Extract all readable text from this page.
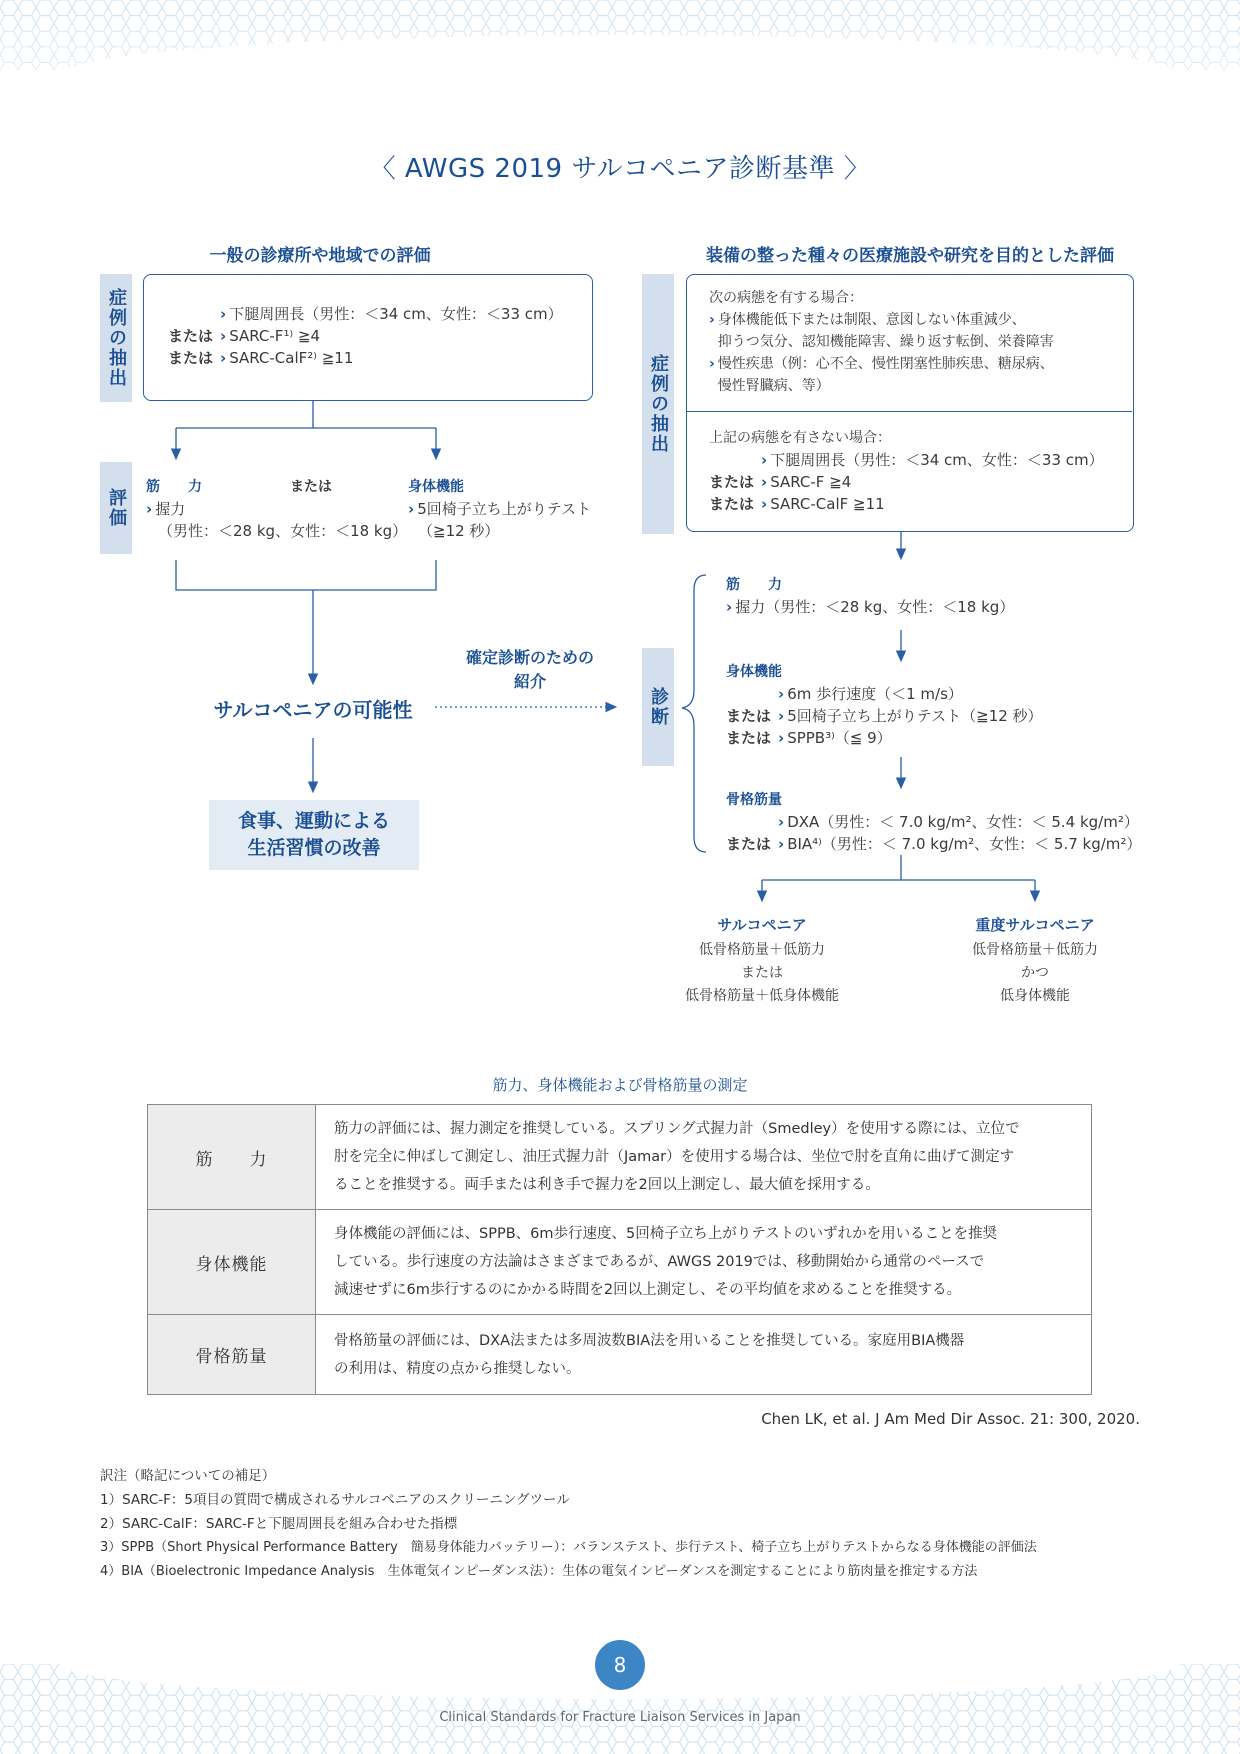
〈 AWGS 2019 サルコペニア診断基準 〉
一般の診療所や地域での評価
症例の抽出	› 下腿周囲長（男性：＜34 cm、女性：＜33 cm）
または › SARC-F¹⁾ ≧4
または › SARC-CalF²⁾ ≧11
評価
筋　　力	または	身体機能
› 握力
（男性：＜28 kg、女性：＜18 kg）
› 5回椅子立ち上がりテスト
（≧12 秒）
サルコペニアの可能性
食事、運動による
生活習慣の改善
確定診断のための
紹介
装備の整った種々の医療施設や研究を目的とした評価
症例の抽出
次の病態を有する場合：
› 身体機能低下または制限、意図しない体重減少、
抑うつ気分、認知機能障害、繰り返す転倒、栄養障害
› 慢性疾患（例：心不全、慢性閉塞性肺疾患、糖尿病、
慢性腎臓病、等）
上記の病態を有さない場合：
› 下腿周囲長（男性：＜34 cm、女性：＜33 cm）
または › SARC-F ≧4
または › SARC-CalF ≧11
診断
筋　　力
› 握力（男性：＜28 kg、女性：＜18 kg）
身体機能
› 6m 歩行速度（＜1 m/s）
または › 5回椅子立ち上がりテスト（≧12 秒）
または › SPPB³⁾（≦ 9）
骨格筋量
› DXA（男性：＜ 7.0 kg/m²、女性：＜ 5.4 kg/m²）
または › BIA⁴⁾（男性：＜ 7.0 kg/m²、女性：＜ 5.7 kg/m²）
サルコペニア
低骨格筋量＋低筋力
または
低骨格筋量＋低身体機能
重度サルコペニア
低骨格筋量＋低筋力
かつ
低身体機能
筋力、身体機能および骨格筋量の測定
筋　　力	筋力の評価には、握力測定を推奨している。スプリング式握力計（Smedley）を使用する際には、立位で
肘を完全に伸ばして測定し、油圧式握力計（Jamar）を使用する場合は、坐位で肘を直角に曲げて測定す
ることを推奨する。両手または利き手で握力を2回以上測定し、最大値を採用する。

身体機能	身体機能の評価には、SPPB、6m歩行速度、5回椅子立ち上がりテストのいずれかを用いることを推奨
している。歩行速度の方法論はさまざまであるが、AWGS 2019では、移動開始から通常のペースで
減速せずに6m歩行するのにかかる時間を2回以上測定し、その平均値を求めることを推奨する。

骨格筋量	骨格筋量の評価には、DXA法または多周波数BIA法を用いることを推奨している。家庭用BIA機器
の利用は、精度の点から推奨しない。
Chen LK, et al. J Am Med Dir Assoc. 21: 300, 2020.
訳注（略記についての補足）
1）SARC-F：5項目の質問で構成されるサルコペニアのスクリーニングツール
2）SARC-CalF：SARC-Fと下腿周囲長を組み合わせた指標
3）SPPB（Short Physical Performance Battery　簡易身体能力バッテリー）：バランステスト、歩行テスト、椅子立ち上がりテストからなる身体機能の評価法
4）BIA（Bioelectronic Impedance Analysis　生体電気インピーダンス法）：生体の電気インピーダンスを測定することにより筋肉量を推定する方法
8
Clinical Standards for Fracture Liaison Services in Japan
